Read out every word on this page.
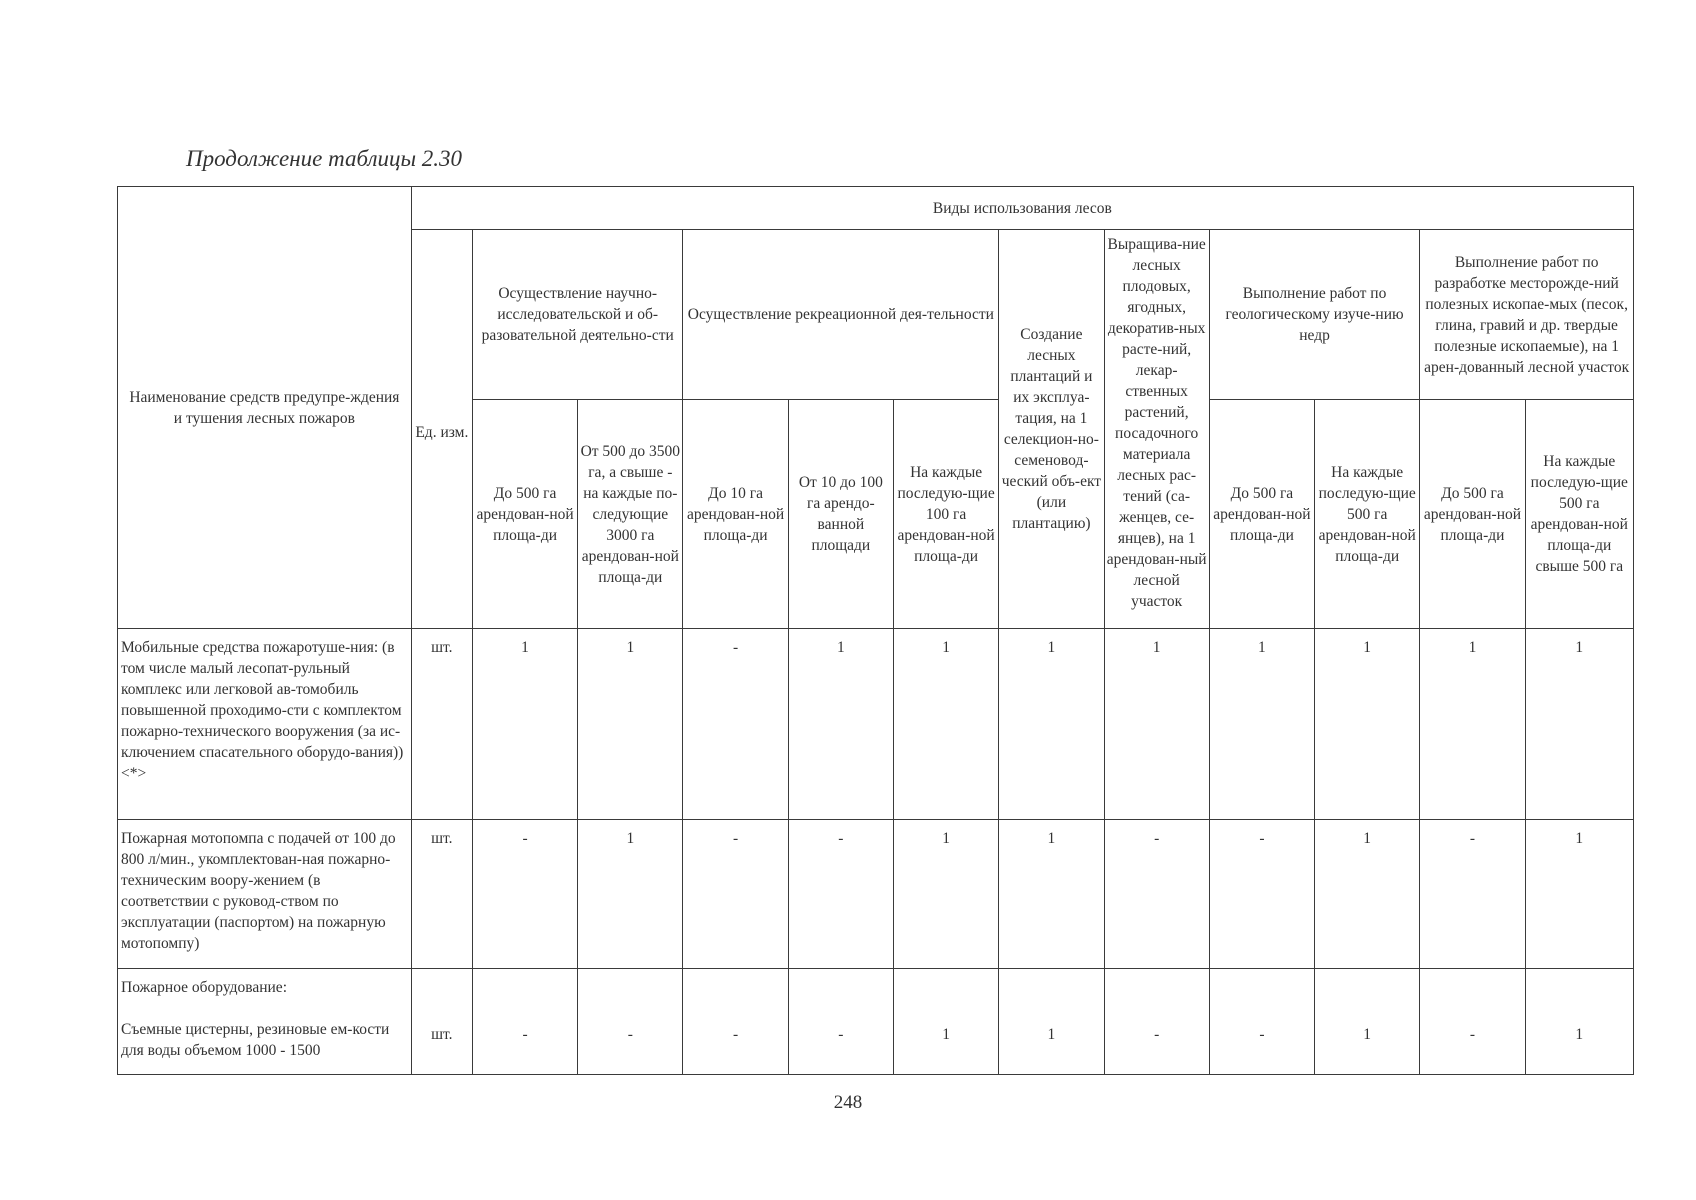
Продолжение таблицы 2.30
Наименование средств предупре-ждения и тушения лесных пожаров	Виды использования лесов											
	Ед. изм.	Осуществление научно-исследовательской и об-разовательной деятельно-сти		Осуществление рекреационной дея-тельности			Создание лесных плантаций и их эксплуа-тация, на 1 селекцион-но-семеновод-ческий объ-ект (или плантацию)	Выращива-ние лесных плодовых, ягодных, декоратив-ных расте-ний, лекар-ственных растений, посадочного материала лесных рас-тений (са-женцев, се-янцев), на 1 арендован-ный лесной участок	Выполнение работ по геологическому изуче-нию недр		Выполнение работ по разработке месторожде-ний полезных ископае-мых (песок, глина, гравий и др. твердые полезные ископаемые), на 1 арен-дованный лесной участок	
		До 500 га арендован-ной площа-ди	От 500 до 3500 га, а свыше - на каждые по-следующие 3000 га арендован-ной площа-ди	До 10 га арендован-ной площа-ди	От 10 до 100 га арендо-ванной площади	На каждые последую-щие 100 га арендован-ной площа-ди			До 500 га арендован-ной площа-ди	На каждые последую-щие 500 га арендован-ной площа-ди	До 500 га арендован-ной площа-ди	На каждые последую-щие 500 га арендован-ной площа-ди свыше 500 га
Мобильные средства пожаротуше-ния: (в том числе малый лесопат-рульный комплекс или легковой ав-томобиль повышенной проходимо-сти с комплектом пожарно-технического вооружения (за ис-ключением спасательного оборудо-вания)) <*>	шт.	1	1	-	1	1	1	1	1	1	1	1
Пожарная мотопомпа с подачей от 100 до 800 л/мин., укомплектован-ная пожарно-техническим воору-жением (в соответствии с руковод-ством по эксплуатации (паспортом) на пожарную мотопомпу)	шт.	-	1	-	-	1	1	-	-	1	-	1
Пожарное оборудование:
Съемные цистерны, резиновые ем-кости для воды объемом 1000 - 1500	шт.	-	-	-	-	1	1	-	-	1	-	1
248
